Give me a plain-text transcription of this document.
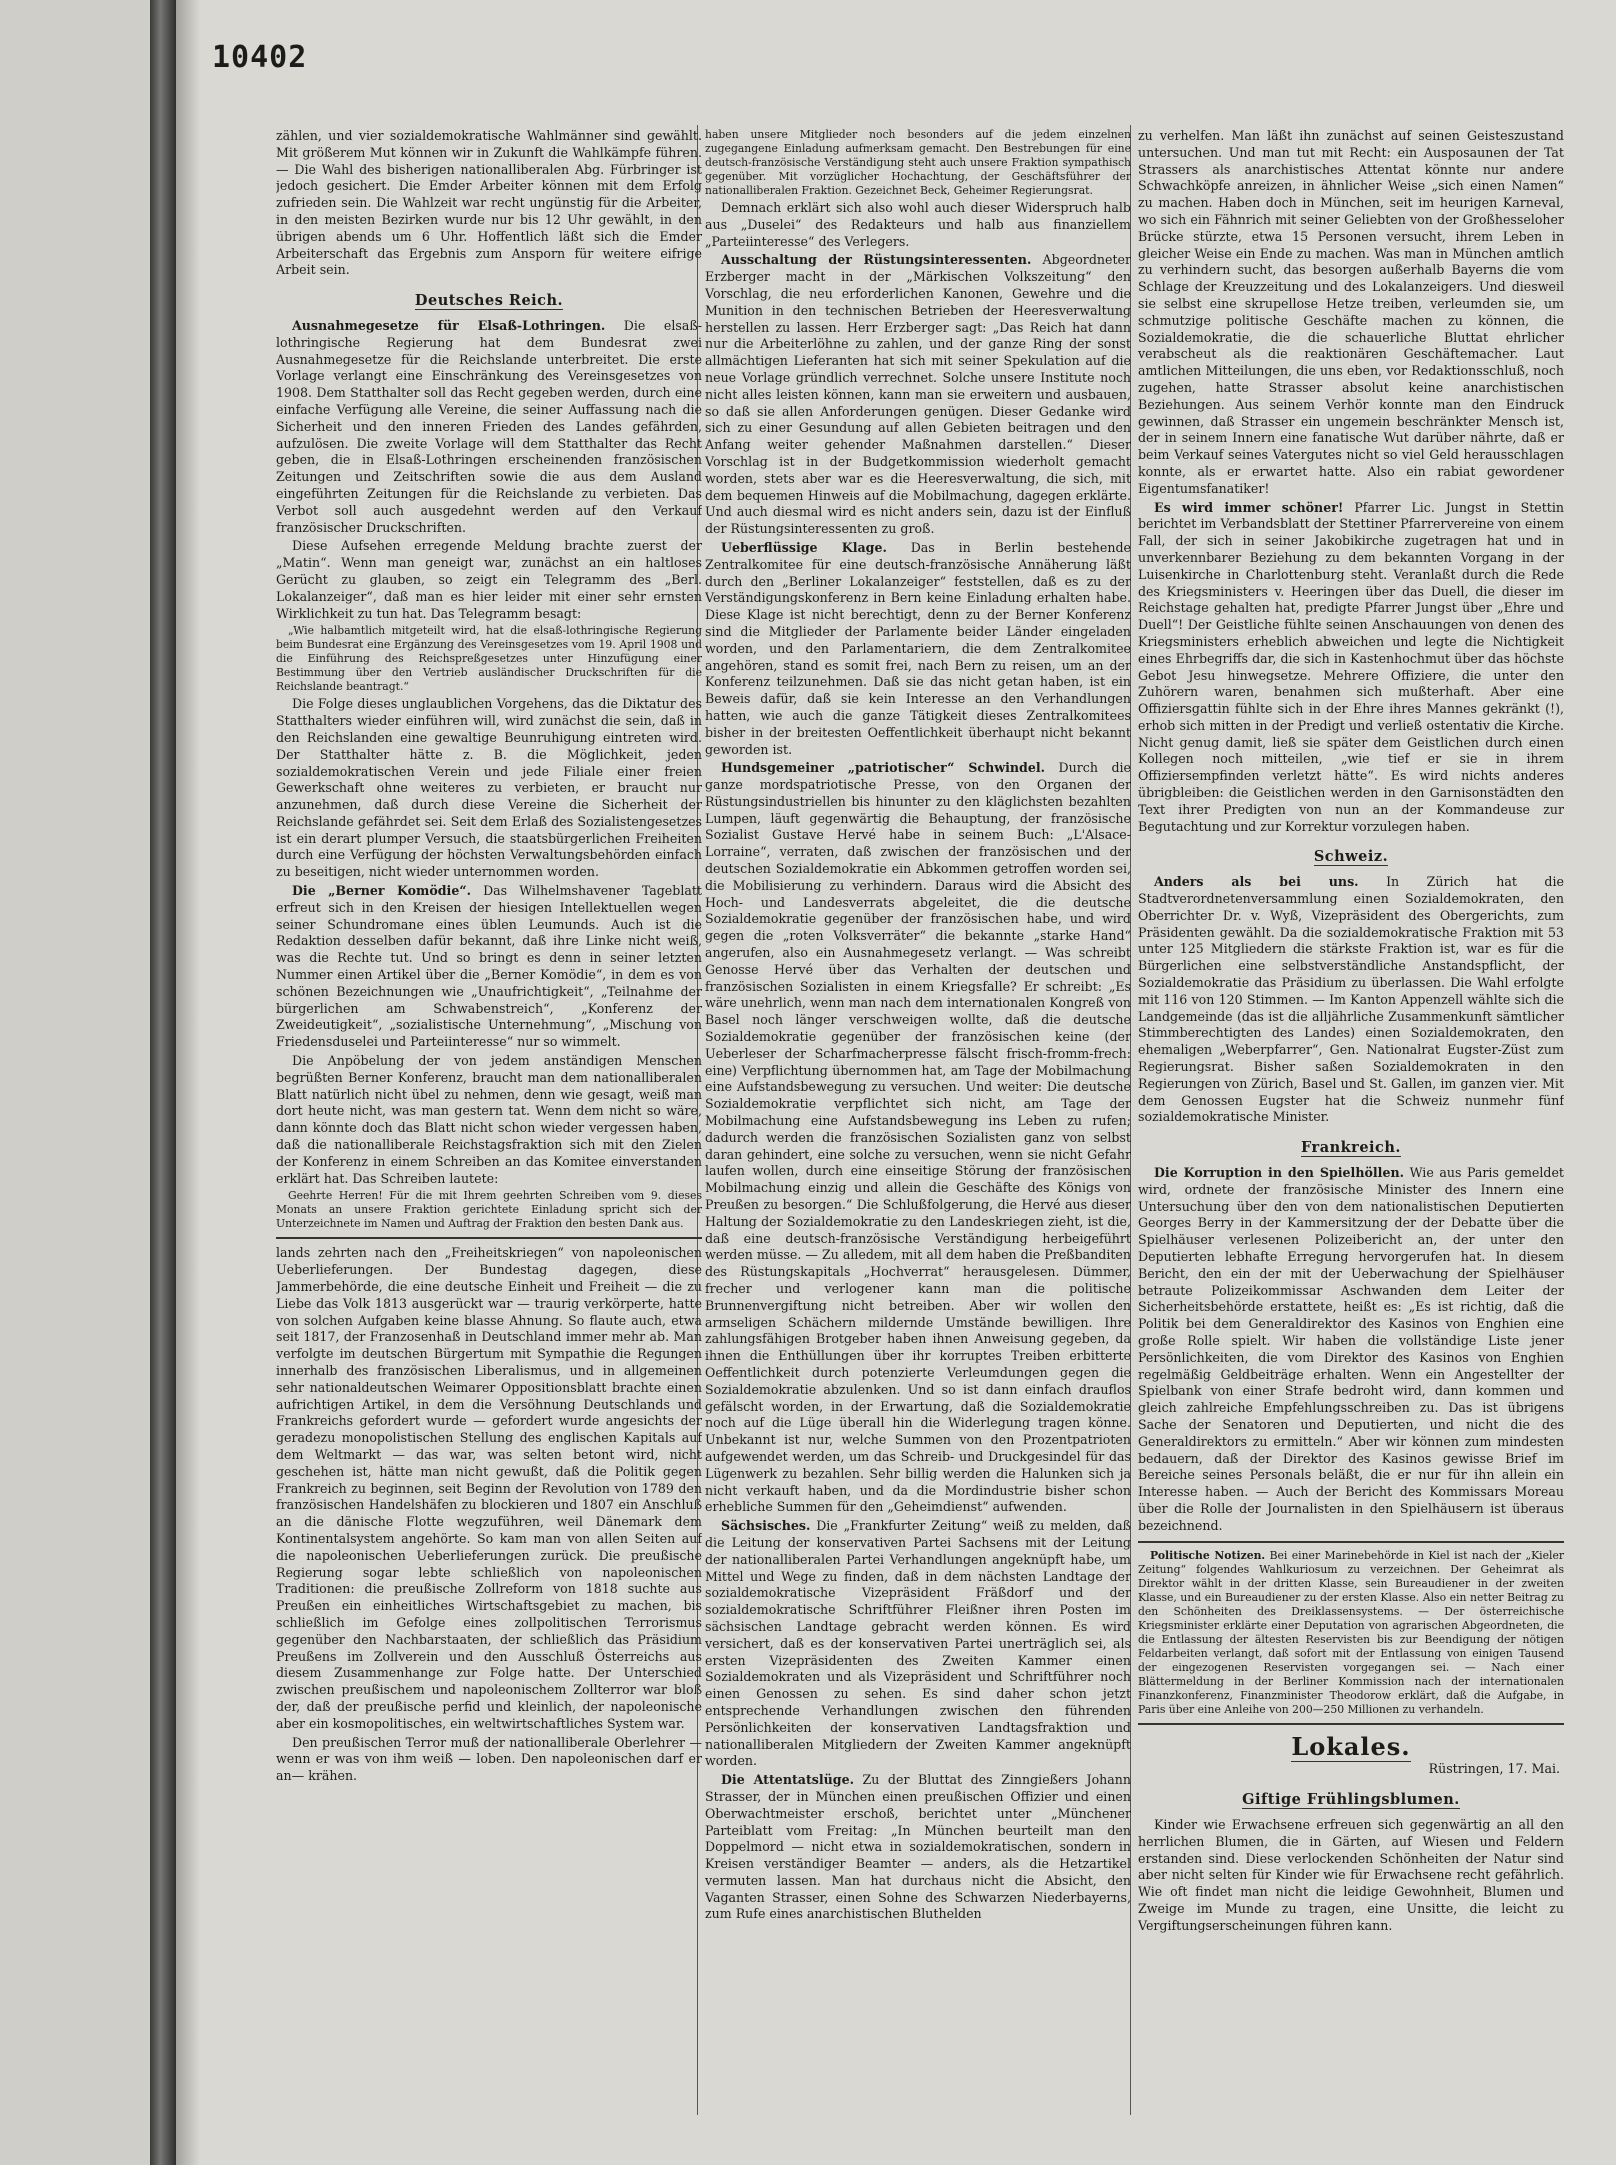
10402

zählen, und vier sozialdemokratische Wahlmänner sind gewählt. Mit größerem Mut können wir in Zukunft die Wahlkämpfe führen. — Die Wahl des bisherigen nationalliberalen Abg. Fürbringer ist jedoch gesichert. Die Emder Arbeiter können mit dem Erfolg zufrieden sein. Die Wahlzeit war recht ungünstig für die Arbeiter, in den meisten Bezirken wurde nur bis 12 Uhr gewählt, in den übrigen abends um 6 Uhr. Hoffentlich läßt sich die Emder Arbeiterschaft das Ergebnis zum Ansporn für weitere eifrige Arbeit sein.

Deutsches Reich.

Ausnahmegesetze für Elsaß-Lothringen. Die elsaß-lothringische Regierung hat dem Bundesrat zwei Ausnahmegesetze für die Reichslande unterbreitet. Die erste Vorlage verlangt eine Einschränkung des Vereinsgesetzes von 1908. Dem Statthalter soll das Recht gegeben werden, durch eine einfache Verfügung alle Vereine, die seiner Auffassung nach die Sicherheit und den inneren Frieden des Landes gefährden, aufzulösen. Die zweite Vorlage will dem Statthalter das Recht geben, die in Elsaß-Lothringen erscheinenden französischen Zeitungen und Zeitschriften sowie die aus dem Ausland eingeführten Zeitungen für die Reichslande zu verbieten. Das Verbot soll auch ausgedehnt werden auf den Verkauf französischer Druckschriften.

Diese Aufsehen erregende Meldung brachte zuerst der „Matin“. Wenn man geneigt war, zunächst an ein haltloses Gerücht zu glauben, so zeigt ein Telegramm des „Berl. Lokalanzeiger“, daß man es hier leider mit einer sehr ernsten Wirklichkeit zu tun hat. Das Telegramm besagt:

„Wie halbamtlich mitgeteilt wird, hat die elsaß-lothringische Regierung beim Bundesrat eine Ergänzung des Vereinsgesetzes vom 19. April 1908 und die Einführung des Reichspreßgesetzes unter Hinzufügung einer Bestimmung über den Vertrieb ausländischer Druckschriften für die Reichslande beantragt.“

Die Folge dieses unglaublichen Vorgehens, das die Diktatur des Statthalters wieder einführen will, wird zunächst die sein, daß in den Reichslanden eine gewaltige Beunruhigung eintreten wird. Der Statthalter hätte z. B. die Möglichkeit, jeden sozialdemokratischen Verein und jede Filiale einer freien Gewerkschaft ohne weiteres zu verbieten, er braucht nur anzunehmen, daß durch diese Vereine die Sicherheit der Reichslande gefährdet sei. Seit dem Erlaß des Sozialistengesetzes ist ein derart plumper Versuch, die staatsbürgerlichen Freiheiten durch eine Verfügung der höchsten Verwaltungsbehörden einfach zu beseitigen, nicht wieder unternommen worden.

Die „Berner Komödie“. Das Wilhelmshavener Tageblatt erfreut sich in den Kreisen der hiesigen Intellektuellen wegen seiner Schundromane eines üblen Leumunds. Auch ist die Redaktion desselben dafür bekannt, daß ihre Linke nicht weiß, was die Rechte tut. Und so bringt es denn in seiner letzten Nummer einen Artikel über die „Berner Komödie“, in dem es von schönen Bezeichnungen wie „Unaufrichtigkeit“, „Teilnahme der bürgerlichen am Schwabenstreich“, „Konferenz der Zweideutigkeit“, „sozialistische Unternehmung“, „Mischung von Friedensduselei und Parteiinteresse“ nur so wimmelt.

Die Anpöbelung der von jedem anständigen Menschen begrüßten Berner Konferenz, braucht man dem nationalliberalen Blatt natürlich nicht übel zu nehmen, denn wie gesagt, weiß man dort heute nicht, was man gestern tat. Wenn dem nicht so wäre, dann könnte doch das Blatt nicht schon wieder vergessen haben, daß die nationalliberale Reichstagsfraktion sich mit den Zielen der Konferenz in einem Schreiben an das Komitee einverstanden erklärt hat. Das Schreiben lautete:

Geehrte Herren! Für die mit Ihrem geehrten Schreiben vom 9. dieses Monats an unsere Fraktion gerichtete Einladung spricht sich der Unterzeichnete im Namen und Auftrag der Fraktion den besten Dank aus.

lands zehrten nach den „Freiheitskriegen“ von napoleonischen Ueberlieferungen. Der Bundestag dagegen, diese Jammerbehörde, die eine deutsche Einheit und Freiheit — die zu Liebe das Volk 1813 ausgerückt war — traurig verkörperte, hatte von solchen Aufgaben keine blasse Ahnung. So flaute auch, etwa seit 1817, der Franzosenhaß in Deutschland immer mehr ab. Man verfolgte im deutschen Bürgertum mit Sympathie die Regungen innerhalb des französischen Liberalismus, und in allgemeinen sehr nationaldeutschen Weimarer Oppositionsblatt brachte einen aufrichtigen Artikel, in dem die Versöhnung Deutschlands und Frankreichs gefordert wurde — gefordert wurde angesichts der geradezu monopolistischen Stellung des englischen Kapitals auf dem Weltmarkt — das war, was selten betont wird, nicht geschehen ist, hätte man nicht gewußt, daß die Politik gegen Frankreich zu beginnen, seit Beginn der Revolution von 1789 den französischen Handelshäfen zu blockieren und 1807 ein Anschluß an die dänische Flotte wegzuführen, weil Dänemark dem Kontinentalsystem angehörte. So kam man von allen Seiten auf die napoleonischen Ueberlieferungen zurück. Die preußische Regierung sogar lebte schließlich von napoleonischen Traditionen: die preußische Zollreform von 1818 suchte aus Preußen ein einheitliches Wirtschaftsgebiet zu machen, bis schließlich im Gefolge eines zollpolitischen Terrorismus gegenüber den Nachbarstaaten, der schließlich das Präsidium Preußens im Zollverein und den Ausschluß Österreichs aus diesem Zusammenhange zur Folge hatte. Der Unterschied zwischen preußischem und napoleonischem Zollterror war bloß der, daß der preußische perfid und kleinlich, der napoleonische aber ein kosmopolitisches, ein weltwirtschaftliches System war.

Den preußischen Terror muß der nationalliberale Oberlehrer — wenn er was von ihm weiß — loben. Den napoleonischen darf er an— krähen.

haben unsere Mitglieder noch besonders auf die jedem einzelnen zugegangene Einladung aufmerksam gemacht. Den Bestrebungen für eine deutsch-französische Verständigung steht auch unsere Fraktion sympathisch gegenüber. Mit vorzüglicher Hochachtung, der Geschäftsführer der nationalliberalen Fraktion. Gezeichnet Beck, Geheimer Regierungsrat.

Demnach erklärt sich also wohl auch dieser Widerspruch halb aus „Duselei“ des Redakteurs und halb aus finanziellem „Parteiinteresse“ des Verlegers.

Ausschaltung der Rüstungsinteressenten. Abgeordneter Erzberger macht in der „Märkischen Volkszeitung“ den Vorschlag, die neu erforderlichen Kanonen, Gewehre und die Munition in den technischen Betrieben der Heeresverwaltung herstellen zu lassen. Herr Erzberger sagt: „Das Reich hat dann nur die Arbeiterlöhne zu zahlen, und der ganze Ring der sonst allmächtigen Lieferanten hat sich mit seiner Spekulation auf die neue Vorlage gründlich verrechnet. Solche unsere Institute noch nicht alles leisten können, kann man sie erweitern und ausbauen, so daß sie allen Anforderungen genügen. Dieser Gedanke wird sich zu einer Gesundung auf allen Gebieten beitragen und den Anfang weiter gehender Maßnahmen darstellen.“ Dieser Vorschlag ist in der Budgetkommission wiederholt gemacht worden, stets aber war es die Heeresverwaltung, die sich, mit dem bequemen Hinweis auf die Mobilmachung, dagegen erklärte. Und auch diesmal wird es nicht anders sein, dazu ist der Einfluß der Rüstungsinteressenten zu groß.

Ueberflüssige Klage. Das in Berlin bestehende Zentralkomitee für eine deutsch-französische Annäherung läßt durch den „Berliner Lokalanzeiger“ feststellen, daß es zu der Verständigungskonferenz in Bern keine Einladung erhalten habe. Diese Klage ist nicht berechtigt, denn zu der Berner Konferenz sind die Mitglieder der Parlamente beider Länder eingeladen worden, und den Parlamentariern, die dem Zentralkomitee angehören, stand es somit frei, nach Bern zu reisen, um an der Konferenz teilzunehmen. Daß sie das nicht getan haben, ist ein Beweis dafür, daß sie kein Interesse an den Verhandlungen hatten, wie auch die ganze Tätigkeit dieses Zentralkomitees bisher in der breitesten Oeffentlichkeit überhaupt nicht bekannt geworden ist.

Hundsgemeiner „patriotischer“ Schwindel. Durch die ganze mordspatriotische Presse, von den Organen der Rüstungsindustriellen bis hinunter zu den kläglichsten bezahlten Lumpen, läuft gegenwärtig die Behauptung, der französische Sozialist Gustave Hervé habe in seinem Buch: „L'Alsace-Lorraine“, verraten, daß zwischen der französischen und der deutschen Sozialdemokratie ein Abkommen getroffen worden sei, die Mobilisierung zu verhindern. Daraus wird die Absicht des Hoch- und Landesverrats abgeleitet, die die deutsche Sozialdemokratie gegenüber der französischen habe, und wird gegen die „roten Volksverräter“ die bekannte „starke Hand“ angerufen, also ein Ausnahmegesetz verlangt. — Was schreibt Genosse Hervé über das Verhalten der deutschen und französischen Sozialisten in einem Kriegsfalle? Er schreibt: „Es wäre unehrlich, wenn man nach dem internationalen Kongreß von Basel noch länger verschweigen wollte, daß die deutsche Sozialdemokratie gegenüber der französischen keine (der Ueberleser der Scharfmacherpresse fälscht frisch-fromm-frech: eine) Verpflichtung übernommen hat, am Tage der Mobilmachung eine Aufstandsbewegung zu versuchen. Und weiter: Die deutsche Sozialdemokratie verpflichtet sich nicht, am Tage der Mobilmachung eine Aufstandsbewegung ins Leben zu rufen; dadurch werden die französischen Sozialisten ganz von selbst daran gehindert, eine solche zu versuchen, wenn sie nicht Gefahr laufen wollen, durch eine einseitige Störung der französischen Mobilmachung einzig und allein die Geschäfte des Königs von Preußen zu besorgen.“ Die Schlußfolgerung, die Hervé aus dieser Haltung der Sozialdemokratie zu den Landeskriegen zieht, ist die, daß eine deutsch-französische Verständigung herbeigeführt werden müsse. — Zu alledem, mit all dem haben die Preßbanditen des Rüstungskapitals „Hochverrat“ herausgelesen. Dümmer, frecher und verlogener kann man die politische Brunnenvergiftung nicht betreiben. Aber wir wollen den armseligen Schächern mildernde Umstände bewilligen. Ihre zahlungsfähigen Brotgeber haben ihnen Anweisung gegeben, da ihnen die Enthüllungen über ihr korruptes Treiben erbitterte Oeffentlichkeit durch potenzierte Verleumdungen gegen die Sozialdemokratie abzulenken. Und so ist dann einfach drauflos gefälscht worden, in der Erwartung, daß die Sozialdemokratie noch auf die Lüge überall hin die Widerlegung tragen könne. Unbekannt ist nur, welche Summen von den Prozentpatrioten aufgewendet werden, um das Schreib- und Druckgesindel für das Lügenwerk zu bezahlen. Sehr billig werden die Halunken sich ja nicht verkauft haben, und da die Mordindustrie bisher schon erhebliche Summen für den „Geheimdienst“ aufwenden.

Sächsisches. Die „Frankfurter Zeitung“ weiß zu melden, daß die Leitung der konservativen Partei Sachsens mit der Leitung der nationalliberalen Partei Verhandlungen angeknüpft habe, um Mittel und Wege zu finden, daß in dem nächsten Landtage der sozialdemokratische Vizepräsident Fräßdorf und der sozialdemokratische Schriftführer Fleißner ihren Posten im sächsischen Landtage gebracht werden können. Es wird versichert, daß es der konservativen Partei unerträglich sei, als ersten Vizepräsidenten des Zweiten Kammer einen Sozialdemokraten und als Vizepräsident und Schriftführer noch einen Genossen zu sehen. Es sind daher schon jetzt entsprechende Verhandlungen zwischen den führenden Persönlichkeiten der konservativen Landtagsfraktion und nationalliberalen Mitgliedern der Zweiten Kammer angeknüpft worden.

Die Attentatslüge. Zu der Bluttat des Zinngießers Johann Strasser, der in München einen preußischen Offizier und einen Oberwachtmeister erschoß, berichtet unter „Münchener Parteiblatt vom Freitag: „In München beurteilt man den Doppelmord — nicht etwa in sozialdemokratischen, sondern in Kreisen verständiger Beamter — anders, als die Hetzartikel vermuten lassen. Man hat durchaus nicht die Absicht, den Vaganten Strasser, einen Sohne des Schwarzen Niederbayerns, zum Rufe eines anarchistischen Bluthelden

zu verhelfen. Man läßt ihn zunächst auf seinen Geisteszustand untersuchen. Und man tut mit Recht: ein Ausposaunen der Tat Strassers als anarchistisches Attentat könnte nur andere Schwachköpfe anreizen, in ähnlicher Weise „sich einen Namen“ zu machen. Haben doch in München, seit im heurigen Karneval, wo sich ein Fähnrich mit seiner Geliebten von der Großhesseloher Brücke stürzte, etwa 15 Personen versucht, ihrem Leben in gleicher Weise ein Ende zu machen. Was man in München amtlich zu verhindern sucht, das besorgen außerhalb Bayerns die vom Schlage der Kreuzzeitung und des Lokalanzeigers. Und diesweil sie selbst eine skrupellose Hetze treiben, verleumden sie, um schmutzige politische Geschäfte machen zu können, die Sozialdemokratie, die die schauerliche Bluttat ehrlicher verabscheut als die reaktionären Geschäftemacher. Laut amtlichen Mitteilungen, die uns eben, vor Redaktionsschluß, noch zugehen, hatte Strasser absolut keine anarchistischen Beziehungen. Aus seinem Verhör konnte man den Eindruck gewinnen, daß Strasser ein ungemein beschränkter Mensch ist, der in seinem Innern eine fanatische Wut darüber nährte, daß er beim Verkauf seines Vatergutes nicht so viel Geld herausschlagen konnte, als er erwartet hatte. Also ein rabiat gewordener Eigentumsfanatiker!

Es wird immer schöner! Pfarrer Lic. Jungst in Stettin berichtet im Verbandsblatt der Stettiner Pfarrervereine von einem Fall, der sich in seiner Jakobikirche zugetragen hat und in unverkennbarer Beziehung zu dem bekannten Vorgang in der Luisenkirche in Charlottenburg steht. Veranlaßt durch die Rede des Kriegsministers v. Heeringen über das Duell, die dieser im Reichstage gehalten hat, predigte Pfarrer Jungst über „Ehre und Duell“! Der Geistliche fühlte seinen Anschauungen von denen des Kriegsministers erheblich abweichen und legte die Nichtigkeit eines Ehrbegriffs dar, die sich in Kastenhochmut über das höchste Gebot Jesu hinwegsetze. Mehrere Offiziere, die unter den Zuhörern waren, benahmen sich mußterhaft. Aber eine Offiziersgattin fühlte sich in der Ehre ihres Mannes gekränkt (!), erhob sich mitten in der Predigt und verließ ostentativ die Kirche. Nicht genug damit, ließ sie später dem Geistlichen durch einen Kollegen noch mitteilen, „wie tief er sie in ihrem Offiziersempfinden verletzt hätte“. Es wird nichts anderes übrigbleiben: die Geistlichen werden in den Garnisonstädten den Text ihrer Predigten von nun an der Kommandeuse zur Begutachtung und zur Korrektur vorzulegen haben.

Schweiz.

Anders als bei uns. In Zürich hat die Stadtverordnetenversammlung einen Sozialdemokraten, den Oberrichter Dr. v. Wyß, Vizepräsident des Obergerichts, zum Präsidenten gewählt. Da die sozialdemokratische Fraktion mit 53 unter 125 Mitgliedern die stärkste Fraktion ist, war es für die Bürgerlichen eine selbstverständliche Anstandspflicht, der Sozialdemokratie das Präsidium zu überlassen. Die Wahl erfolgte mit 116 von 120 Stimmen. — Im Kanton Appenzell wählte sich die Landgemeinde (das ist die alljährliche Zusammenkunft sämtlicher Stimmberechtigten des Landes) einen Sozialdemokraten, den ehemaligen „Weberpfarrer“, Gen. Nationalrat Eugster-Züst zum Regierungsrat. Bisher saßen Sozialdemokraten in den Regierungen von Zürich, Basel und St. Gallen, im ganzen vier. Mit dem Genossen Eugster hat die Schweiz nunmehr fünf sozialdemokratische Minister.

Frankreich.

Die Korruption in den Spielhöllen. Wie aus Paris gemeldet wird, ordnete der französische Minister des Innern eine Untersuchung über den von dem nationalistischen Deputierten Georges Berry in der Kammersitzung der der Debatte über die Spielhäuser verlesenen Polizeibericht an, der unter den Deputierten lebhafte Erregung hervorgerufen hat. In diesem Bericht, den ein der mit der Ueberwachung der Spielhäuser betraute Polizeikommissar Aschwanden dem Leiter der Sicherheitsbehörde erstattete, heißt es: „Es ist richtig, daß die Politik bei dem Generaldirektor des Kasinos von Enghien eine große Rolle spielt. Wir haben die vollständige Liste jener Persönlichkeiten, die vom Direktor des Kasinos von Enghien regelmäßig Geldbeiträge erhalten. Wenn ein Angestellter der Spielbank von einer Strafe bedroht wird, dann kommen und gleich zahlreiche Empfehlungsschreiben zu. Das ist übrigens Sache der Senatoren und Deputierten, und nicht die des Generaldirektors zu ermitteln.“ Aber wir können zum mindesten bedauern, daß der Direktor des Kasinos gewisse Brief im Bereiche seines Personals beläßt, die er nur für ihn allein ein Interesse haben. — Auch der Bericht des Kommissars Moreau über die Rolle der Journalisten in den Spielhäusern ist überaus bezeichnend.

Politische Notizen. Bei einer Marinebehörde in Kiel ist nach der „Kieler Zeitung“ folgendes Wahlkuriosum zu verzeichnen. Der Geheimrat als Direktor wählt in der dritten Klasse, sein Bureaudiener in der zweiten Klasse, und ein Bureaudiener zu der ersten Klasse. Also ein netter Beitrag zu den Schönheiten des Dreiklassensystems. — Der österreichische Kriegsminister erklärte einer Deputation von agrarischen Abgeordneten, die die Entlassung der ältesten Reservisten bis zur Beendigung der nötigen Feldarbeiten verlangt, daß sofort mit der Entlassung von einigen Tausend der eingezogenen Reservisten vorgegangen sei. — Nach einer Blättermeldung in der Berliner Kommission nach der internationalen Finanzkonferenz, Finanzminister Theodorow erklärt, daß die Aufgabe, in Paris über eine Anleihe von 200—250 Millionen zu verhandeln.

Lokales.
Rüstringen, 17. Mai.
Giftige Frühlingsblumen.

Kinder wie Erwachsene erfreuen sich gegenwärtig an all den herrlichen Blumen, die in Gärten, auf Wiesen und Feldern erstanden sind. Diese verlockenden Schönheiten der Natur sind aber nicht selten für Kinder wie für Erwachsene recht gefährlich. Wie oft findet man nicht die leidige Gewohnheit, Blumen und Zweige im Munde zu tragen, eine Unsitte, die leicht zu Vergiftungserscheinungen führen kann.
